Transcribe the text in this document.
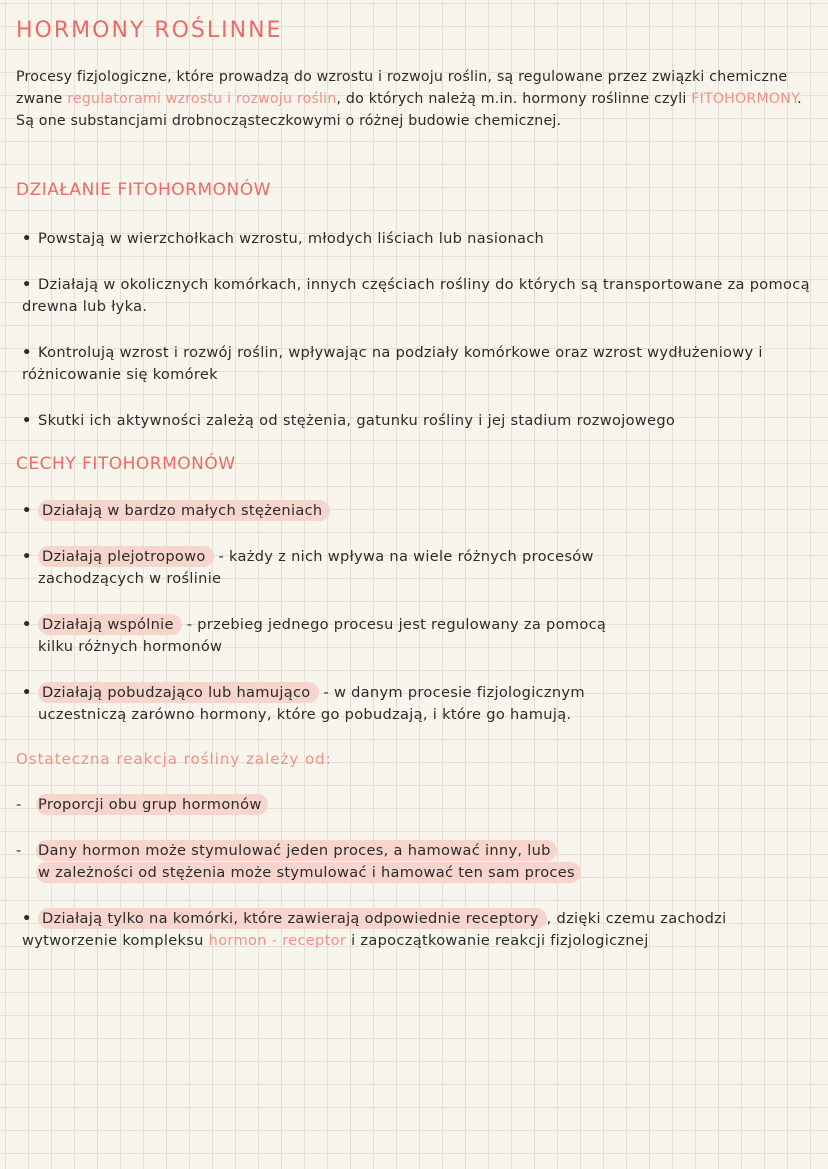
HORMONY ROŚLINNE
Procesy fizjologiczne, które prowadzą do wzrostu i rozwoju roślin, są regulowane przez związki chemiczne zwane regulatorami wzrostu i rozwoju roślin, do których należą m.in. hormony roślinne czyli FITOHORMONY. Są one substancjami drobnocząsteczkowymi o różnej budowie chemicznej.
DZIAŁANIE FITOHORMONÓW
• Powstają w wierzchołkach wzrostu, młodych liściach lub nasionach
• Działają w okolicznych komórkach, innych częściach rośliny do których są transportowane za pomocą drewna lub łyka.
• Kontrolują wzrost i rozwój roślin, wpływając na podziały komórkowe oraz wzrost wydłużeniowy i różnicowanie się komórek
• Skutki ich aktywności zależą od stężenia, gatunku rośliny i jej stadium rozwojowego
CECHY FITOHORMONÓW
• Działają w bardzo małych stężeniach
• Działają plejotropowo - każdy z nich wpływa na wiele różnych procesów
zachodzących w roślinie
• Działają wspólnie - przebieg jednego procesu jest regulowany za pomocą
kilku różnych hormonów
• Działają pobudzająco lub hamująco - w danym procesie fizjologicznym
uczestniczą zarówno hormony, które go pobudzają, i które go hamują.
Ostateczna reakcja rośliny zależy od:
- Proporcji obu grup hormonów
- Dany hormon może stymulować jeden proces, a hamować inny, lub
w zależności od stężenia może stymulować i hamować ten sam proces
• Działają tylko na komórki, które zawierają odpowiednie receptory , dzięki czemu zachodzi wytworzenie kompleksu hormon - receptor i zapoczątkowanie reakcji fizjologicznej
